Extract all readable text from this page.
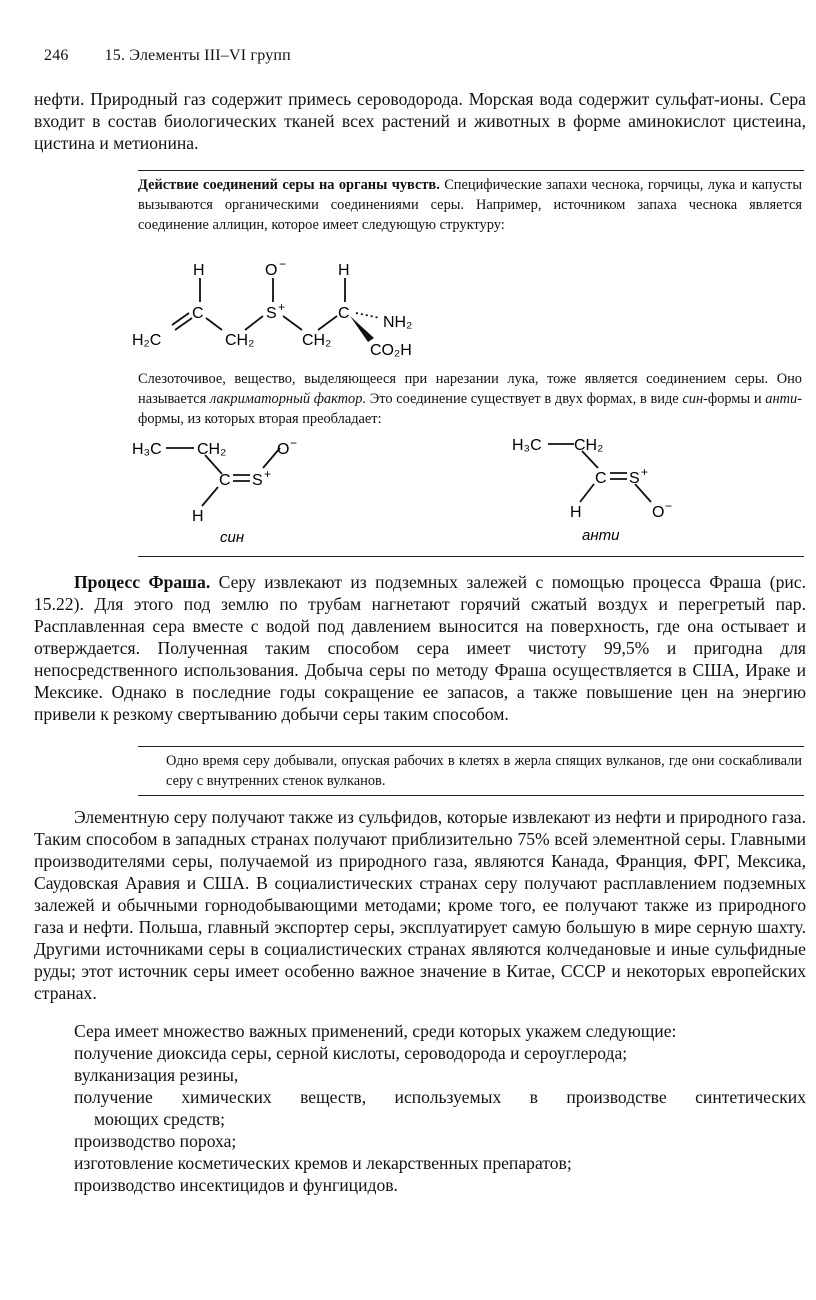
246 15. Элементы III–VI групп

нефти. Природный газ содержит примесь сероводорода. Морская вода содержит сульфат-ионы. Сера входит в состав биологических тканей всех растений и животных в форме аминокислот цистеина, цистина и метионина.

Действие соединений серы на органы чувств. Специфические запахи чеснока, горчицы, лука и капусты вызываются органическими соединениями серы. Например, источником запаха чеснока является соединение аллицин, которое имеет следующую структуру:

H	O −	H
C	S +	C
H₂C	CH₂	CH₂
NH₂
CO₂H

Слезоточивое, вещество, выделяющееся при нарезании лука, тоже является соединением серы. Оно называется лакриматорный фактор. Это соединение существует в двух формах, в виде син-формы и анти-формы, из которых вторая преобладает:

H₃C CH₂	O −
C S +
H
син
H₃C CH₂
C S +
H	O −
анти

Процесс Фраша. Серу извлекают из подземных залежей с помощью процесса Фраша (рис. 15.22). Для этого под землю по трубам нагнетают горячий сжатый воздух и перегретый пар. Расплавленная сера вместе с водой под давлением выносится на поверхность, где она остывает и отверждается. Полученная таким способом сера имеет чистоту 99,5% и пригодна для непосредственного использования. Добыча серы по методу Фраша осуществляется в США, Ираке и Мексике. Однако в последние годы сокращение ее запасов, а также повышение цен на энергию привели к резкому свертыванию добычи серы таким способом.

Одно время серу добывали, опуская рабочих в клетях в жерла спящих вулканов, где они соскабливали серу с внутренних стенок вулканов.

Элементную серу получают также из сульфидов, которые извлекают из нефти и природного газа. Таким способом в западных странах получают приблизительно 75% всей элементной серы. Главными производителями серы, получаемой из природного газа, являются Канада, Франция, ФРГ, Мексика, Саудовская Аравия и США. В социалистических странах серу получают расплавлением подземных залежей и обычными горнодобывающими методами; кроме того, ее получают также из природного газа и нефти. Польша, главный экспортер серы, эксплуатирует самую большую в мире серную шахту. Другими источниками серы в социалистических странах являются колчедановые и иные сульфидные руды; этот источник серы имеет особенно важное значение в Китае, СССР и некоторых европейских странах.

Сера имеет множество важных применений, среди которых укажем следующие:

получение диоксида серы, серной кислоты, сероводорода и сероуглерода;

вулканизация резины,

получение химических веществ, используемых в производстве синтетических

моющих средств;

производство пороха;

изготовление косметических кремов и лекарственных препаратов;

производство инсектицидов и фунгицидов.
